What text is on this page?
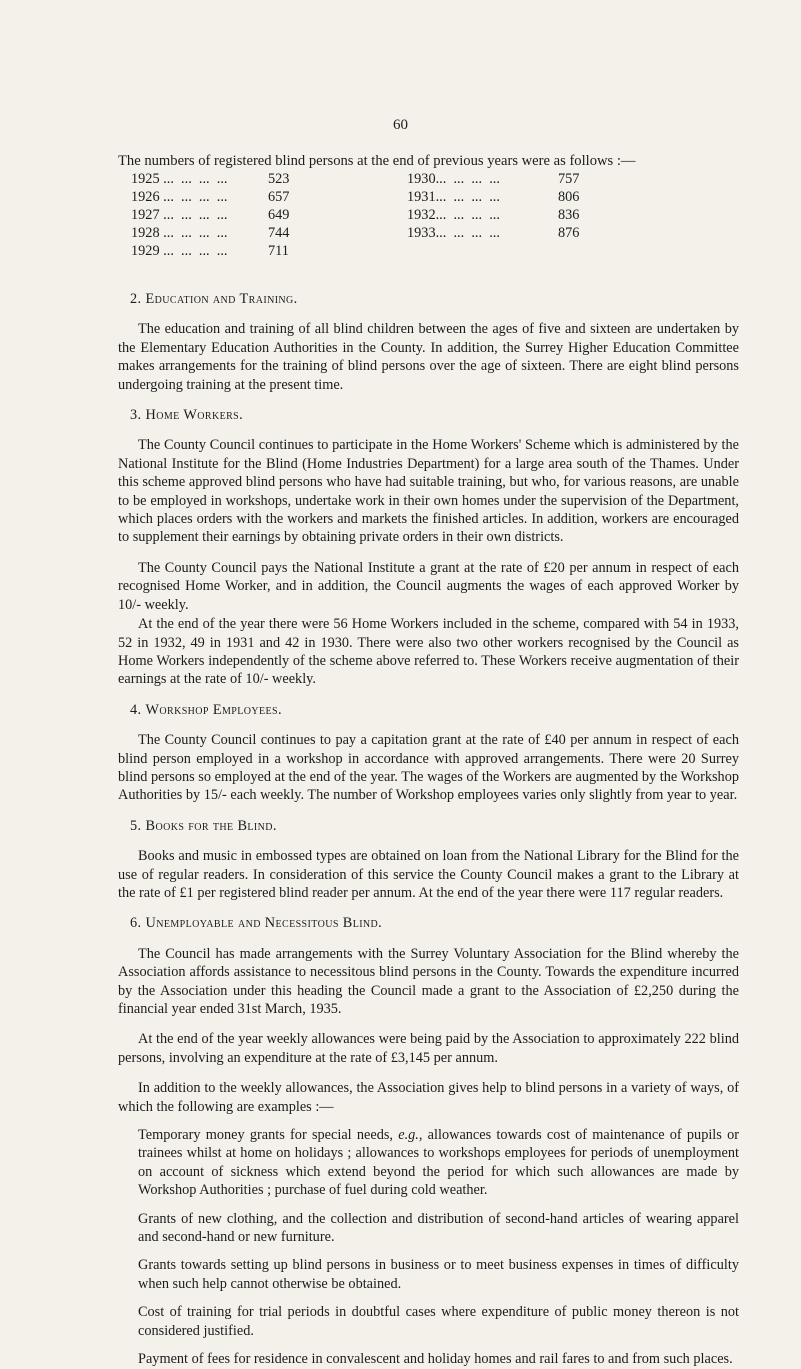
60
The numbers of registered blind persons at the end of previous years were as follows :—
1925 ...  ...  ...  ...	523
1926 ...  ...  ...  ...	657
1927 ...  ...  ...  ...	649
1928 ...  ...  ...  ...	744
1929 ...  ...  ...  ...	711
1930...  ...  ...  ...	757
1931...  ...  ...  ...	806
1932...  ...  ...  ...	836
1933...  ...  ...  ...	876

2. Education and Training.

The education and training of all blind children between the ages of five and sixteen are undertaken by the Elementary Education Authorities in the County. In addition, the Surrey Higher Education Committee makes arrangements for the training of blind persons over the age of sixteen. There are eight blind persons undergoing training at the present time.

3. Home Workers.

The County Council continues to participate in the Home Workers' Scheme which is administered by the National Institute for the Blind (Home Industries Department) for a large area south of the Thames. Under this scheme approved blind persons who have had suitable training, but who, for various reasons, are unable to be employed in workshops, undertake work in their own homes under the supervision of the Department, which places orders with the workers and markets the finished articles. In addition, workers are encouraged to supplement their earnings by obtaining private orders in their own districts.

The County Council pays the National Institute a grant at the rate of £20 per annum in respect of each recognised Home Worker, and in addition, the Council augments the wages of each approved Worker by 10/- weekly.

At the end of the year there were 56 Home Workers included in the scheme, compared with 54 in 1933, 52 in 1932, 49 in 1931 and 42 in 1930. There were also two other workers recognised by the Council as Home Workers independently of the scheme above referred to. These Workers receive augmentation of their earnings at the rate of 10/- weekly.

4. Workshop Employees.

The County Council continues to pay a capitation grant at the rate of £40 per annum in respect of each blind person employed in a workshop in accordance with approved arrangements. There were 20 Surrey blind persons so employed at the end of the year. The wages of the Workers are augmented by the Workshop Authorities by 15/- each weekly. The number of Workshop employees varies only slightly from year to year.

5. Books for the Blind.

Books and music in embossed types are obtained on loan from the National Library for the Blind for the use of regular readers. In consideration of this service the County Council makes a grant to the Library at the rate of £1 per registered blind reader per annum. At the end of the year there were 117 regular readers.

6. Unemployable and Necessitous Blind.

The Council has made arrangements with the Surrey Voluntary Association for the Blind whereby the Association affords assistance to necessitous blind persons in the County. Towards the expenditure incurred by the Association under this heading the Council made a grant to the Association of £2,250 during the financial year ended 31st March, 1935.

At the end of the year weekly allowances were being paid by the Association to approximately 222 blind persons, involving an expenditure at the rate of £3,145 per annum.

In addition to the weekly allowances, the Association gives help to blind persons in a variety of ways, of which the following are examples :—

Temporary money grants for special needs, e.g., allowances towards cost of maintenance of pupils or trainees whilst at home on holidays ; allowances to workshops employees for periods of unemployment on account of sickness which extend beyond the period for which such allowances are made by Workshop Authorities ; purchase of fuel during cold weather.

Grants of new clothing, and the collection and distribution of second-hand articles of wearing apparel and second-hand or new furniture.

Grants towards setting up blind persons in business or to meet business expenses in times of difficulty when such help cannot otherwise be obtained.

Cost of training for trial periods in doubtful cases where expenditure of public money thereon is not considered justified.

Payment of fees for residence in convalescent and holiday homes and rail fares to and from such places.
